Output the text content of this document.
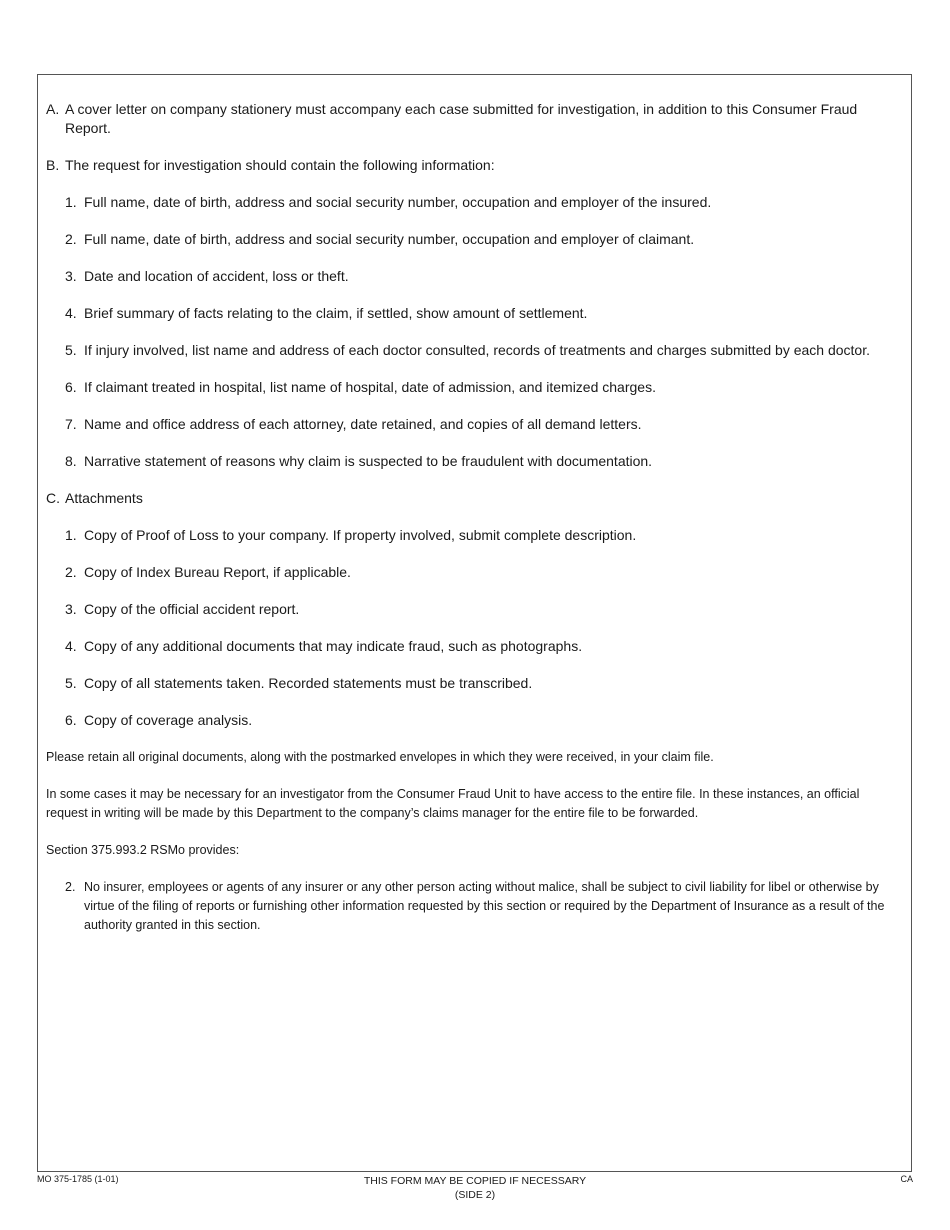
A. A cover letter on company stationery must accompany each case submitted for investigation, in addition to this Consumer Fraud Report.
B. The request for investigation should contain the following information:
1. Full name, date of birth, address and social security number, occupation and employer of the insured.
2. Full name, date of birth, address and social security number, occupation and employer of claimant.
3. Date and location of accident, loss or theft.
4. Brief summary of facts relating to the claim, if settled, show amount of settlement.
5. If injury involved, list name and address of each doctor consulted, records of treatments and charges submitted by each doctor.
6. If claimant treated in hospital, list name of hospital, date of admission, and itemized charges.
7. Name and office address of each attorney, date retained, and copies of all demand letters.
8. Narrative statement of reasons why claim is suspected to be fraudulent with documentation.
C. Attachments
1. Copy of Proof of Loss to your company. If property involved, submit complete description.
2. Copy of Index Bureau Report, if applicable.
3. Copy of the official accident report.
4. Copy of any additional documents that may indicate fraud, such as photographs.
5. Copy of all statements taken. Recorded statements must be transcribed.
6. Copy of coverage analysis.

Please retain all original documents, along with the postmarked envelopes in which they were received, in your claim file.

In some cases it may be necessary for an investigator from the Consumer Fraud Unit to have access to the entire file. In these instances, an official request in writing will be made by this Department to the company’s claims manager for the entire file to be forwarded.

Section 375.993.2 RSMo provides:

2. No insurer, employees or agents of any insurer or any other person acting without malice, shall be subject to civil liability for libel or otherwise by virtue of the filing of reports or furnishing other information requested by this section or required by the Department of Insurance as a result of the authority granted in this section.
MO 375-1785 (1-01)	THIS FORM MAY BE COPIED IF NECESSARY
(SIDE 2)
CA
